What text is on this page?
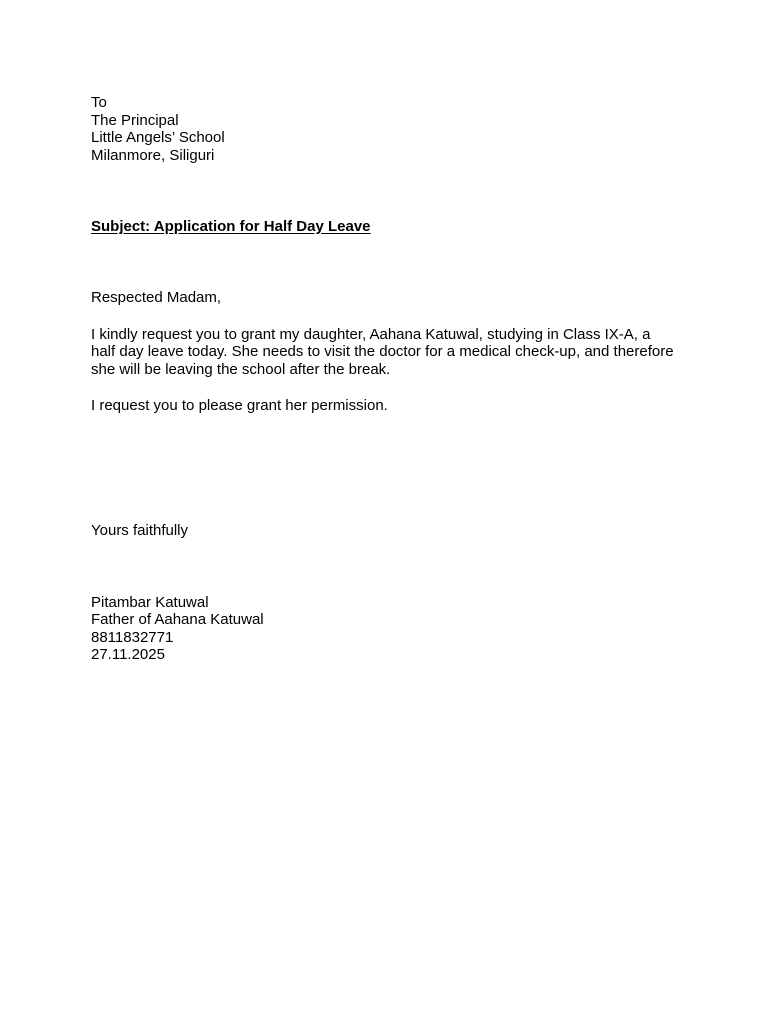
To
The Principal
Little Angels’ School
Milanmore, Siliguri
Subject: Application for Half Day Leave
Respected Madam,
I kindly request you to grant my daughter, Aahana Katuwal, studying in Class IX-A, a
half day leave today. She needs to visit the doctor for a medical check-up, and therefore
she will be leaving the school after the break.
I request you to please grant her permission.
Yours faithfully
Pitambar Katuwal
Father of Aahana Katuwal
8811832771
27.11.2025
